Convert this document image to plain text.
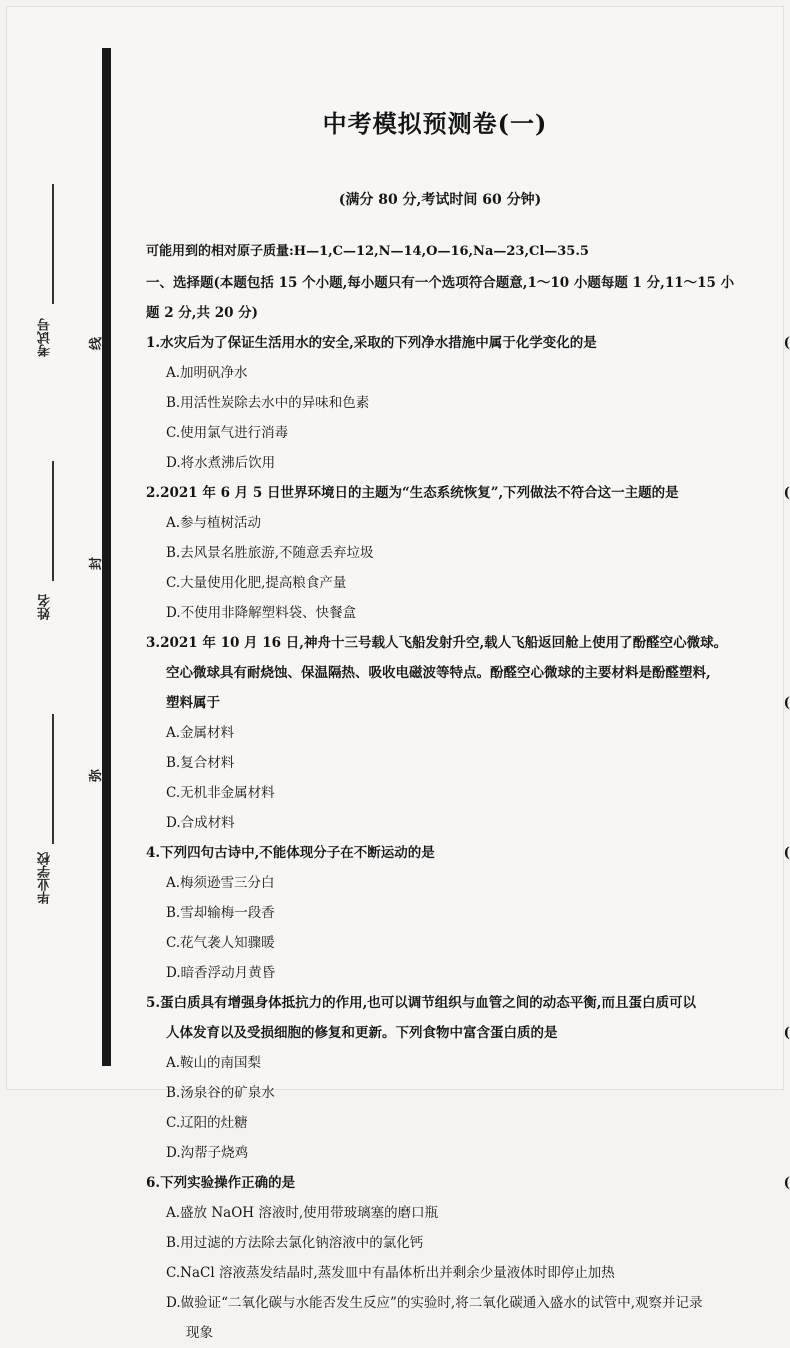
考试号
姓名
毕业学校
线
封
弥
中考模拟预测卷(一)
(满分 80 分,考试时间 60 分钟)
可能用到的相对原子质量:H—1,C—12,N—14,O—16,Na—23,Cl—35.5
一、选择题(本题包括 15 个小题,每小题只有一个选项符合题意,1～10 小题每题 1 分,11～15 小
题 2 分,共 20 分)
1.水灾后为了保证生活用水的安全,采取的下列净水措施中属于化学变化的是	(
A.加明矾净水
B.用活性炭除去水中的异味和色素
C.使用氯气进行消毒
D.将水煮沸后饮用
2.2021 年 6 月 5 日世界环境日的主题为“生态系统恢复”,下列做法不符合这一主题的是	(
A.参与植树活动
B.去风景名胜旅游,不随意丢弃垃圾
C.大量使用化肥,提高粮食产量
D.不使用非降解塑料袋、快餐盒
3.2021 年 10 月 16 日,神舟十三号载人飞船发射升空,载人飞船返回舱上使用了酚醛空心微球。
空心微球具有耐烧蚀、保温隔热、吸收电磁波等特点。酚醛空心微球的主要材料是酚醛塑料,
塑料属于	(
A.金属材料
B.复合材料
C.无机非金属材料
D.合成材料
4.下列四句古诗中,不能体现分子在不断运动的是	(
A.梅须逊雪三分白
B.雪却输梅一段香
C.花气袭人知骤暖
D.暗香浮动月黄昏
5.蛋白质具有增强身体抵抗力的作用,也可以调节组织与血管之间的动态平衡,而且蛋白质可以
人体发育以及受损细胞的修复和更新。下列食物中富含蛋白质的是	(
A.鞍山的南国梨
B.汤泉谷的矿泉水
C.辽阳的灶糖
D.沟帮子烧鸡
6.下列实验操作正确的是	(
A.盛放 NaOH 溶液时,使用带玻璃塞的磨口瓶
B.用过滤的方法除去氯化钠溶液中的氯化钙
C.NaCl 溶液蒸发结晶时,蒸发皿中有晶体析出并剩余少量液体时即停止加热
D.做验证“二氧化碳与水能否发生反应”的实验时,将二氧化碳通入盛水的试管中,观察并记录
现象
